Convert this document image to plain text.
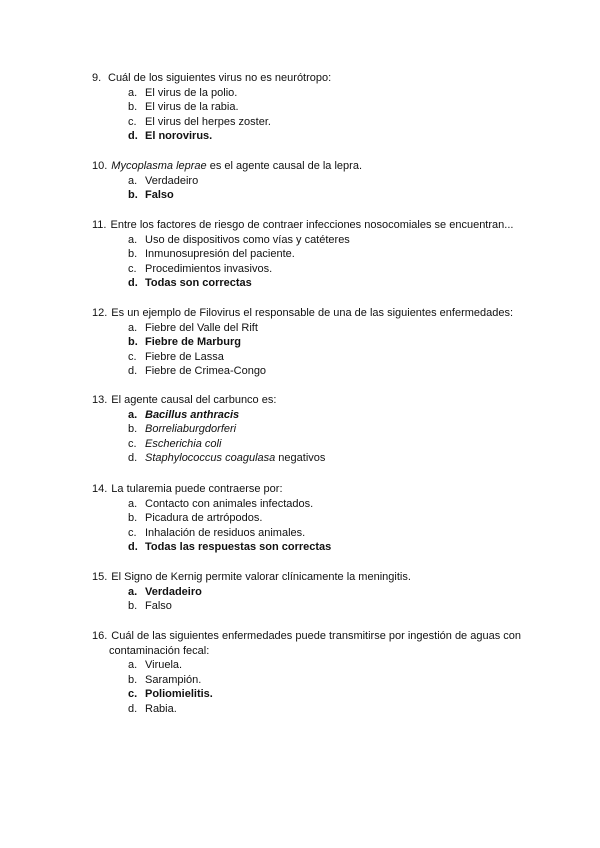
9. Cuál de los siguientes virus no es neurótropo:
a. El virus de la polio.
b. El virus de la rabia.
c. El virus del herpes zoster.
d. El norovirus.
10. Mycoplasma leprae es el agente causal de la lepra.
a. Verdadeiro
b. Falso
11. Entre los factores de riesgo de contraer infecciones nosocomiales se encuentran...
a. Uso de dispositivos como vías y catéteres
b. Inmunosupresión del paciente.
c. Procedimientos invasivos.
d. Todas son correctas
12. Es un ejemplo de Filovirus el responsable de una de las siguientes enfermedades:
a. Fiebre del Valle del Rift
b. Fiebre de Marburg
c. Fiebre de Lassa
d. Fiebre de Crimea-Congo
13. El agente causal del carbunco es:
a. Bacillus anthracis
b. Borreliaburgdorferi
c. Escherichia coli
d. Staphylococcus coagulasa negativos
14. La tularemia puede contraerse por:
a. Contacto con animales infectados.
b. Picadura de artrópodos.
c. Inhalación de residuos animales.
d. Todas las respuestas son correctas
15. El Signo de Kernig permite valorar clínicamente la meningitis.
a. Verdadeiro
b. Falso
16. Cuál de las siguientes enfermedades puede transmitirse por ingestión de aguas con
contaminación fecal:
a. Viruela.
b. Sarampión.
c. Poliomielitis.
d. Rabia.
